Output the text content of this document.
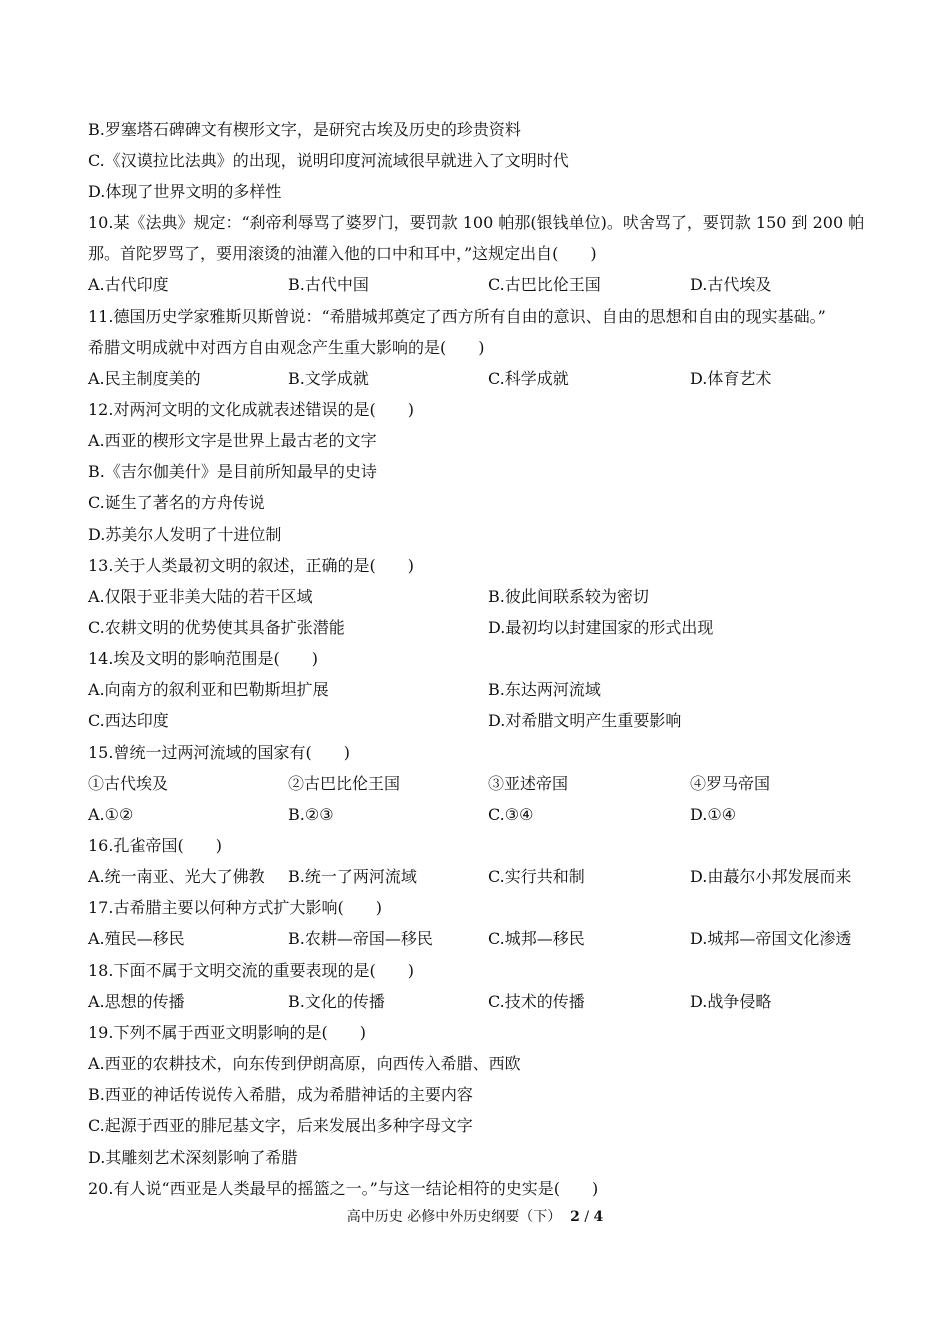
B.罗塞塔石碑碑文有楔形文字，是研究古埃及历史的珍贵资料
C.《汉谟拉比法典》的出现，说明印度河流域很早就进入了文明时代
D.体现了世界文明的多样性
10.某《法典》规定：“刹帝利辱骂了婆罗门，要罚款 100 帕那(银钱单位)。吠舍骂了，要罚款 150 到 200 帕
那。首陀罗骂了，要用滚烫的油灌入他的口中和耳中，”这规定出自(　　)
A.古代印度	B.古代中国	C.古巴比伦王国	D.古代埃及
11.德国历史学家雅斯贝斯曾说：“希腊城邦奠定了西方所有自由的意识、自由的思想和自由的现实基础。”
希腊文明成就中对西方自由观念产生重大影响的是(　　)
A.民主制度美的	B.文学成就	C.科学成就	D.体育艺术
12.对两河文明的文化成就表述错误的是(　　)
A.西亚的楔形文字是世界上最古老的文字
B.《吉尔伽美什》是目前所知最早的史诗
C.诞生了著名的方舟传说
D.苏美尔人发明了十进位制
13.关于人类最初文明的叙述，正确的是(　　)
A.仅限于亚非美大陆的若干区域	B.彼此间联系较为密切
C.农耕文明的优势使其具备扩张潜能	D.最初均以封建国家的形式出现
14.埃及文明的影响范围是(　　)
A.向南方的叙利亚和巴勒斯坦扩展	B.东达两河流域
C.西达印度	D.对希腊文明产生重要影响
15.曾统一过两河流域的国家有(　　)
①古代埃及	②古巴比伦王国	③亚述帝国	④罗马帝国
A.①②	B.②③	C.③④	D.①④
16.孔雀帝国(　　)
A.统一南亚、光大了佛教 B.统一了两河流域	C.实行共和制	D.由蕞尔小邦发展而来
17.古希腊主要以何种方式扩大影响(　　)
A.殖民—移民	B.农耕—帝国—移民	C.城邦—移民	D.城邦—帝国文化渗透
18.下面不属于文明交流的重要表现的是(　　)
A.思想的传播	B.文化的传播	C.技术的传播	D.战争侵略
19.下列不属于西亚文明影响的是(　　)
A.西亚的农耕技术，向东传到伊朗高原，向西传入希腊、西欧
B.西亚的神话传说传入希腊，成为希腊神话的主要内容
C.起源于西亚的腓尼基文字，后来发展出多种字母文字
D.其雕刻艺术深刻影响了希腊
20.有人说“西亚是人类最早的摇篮之一。”与这一结论相符的史实是(　　)
高中历史 必修中外历史纲要（下） 2 / 4
